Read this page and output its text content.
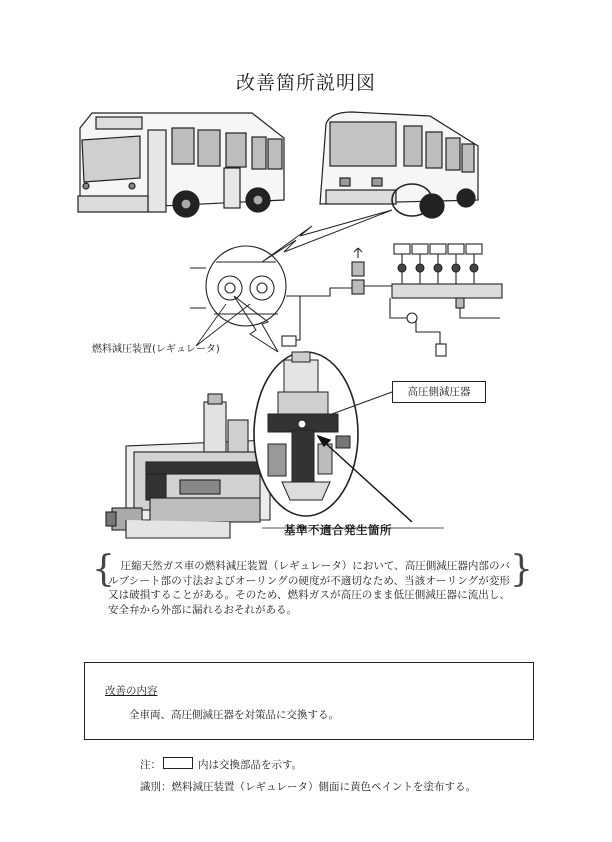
改善箇所説明図
燃料減圧装置(レギュレータ)
高圧側減圧器
基準不適合発生箇所
{ 圧縮天然ガス車の燃料減圧装置（レギュレータ）において、高圧側減圧器内部のバルブシート部の寸法およびオーリングの硬度が不適切なため、当該オーリングが変形又は破損することがある。そのため、燃料ガスが高圧のまま低圧側減圧器に流出し、安全弁から外部に漏れるおそれがある。
}
改善の内容
全車両、高圧側減圧器を対策品に交換する。
注：	内は交換部品を示す。
識別：燃料減圧装置（レギュレータ）側面に黄色ペイントを塗布する。
